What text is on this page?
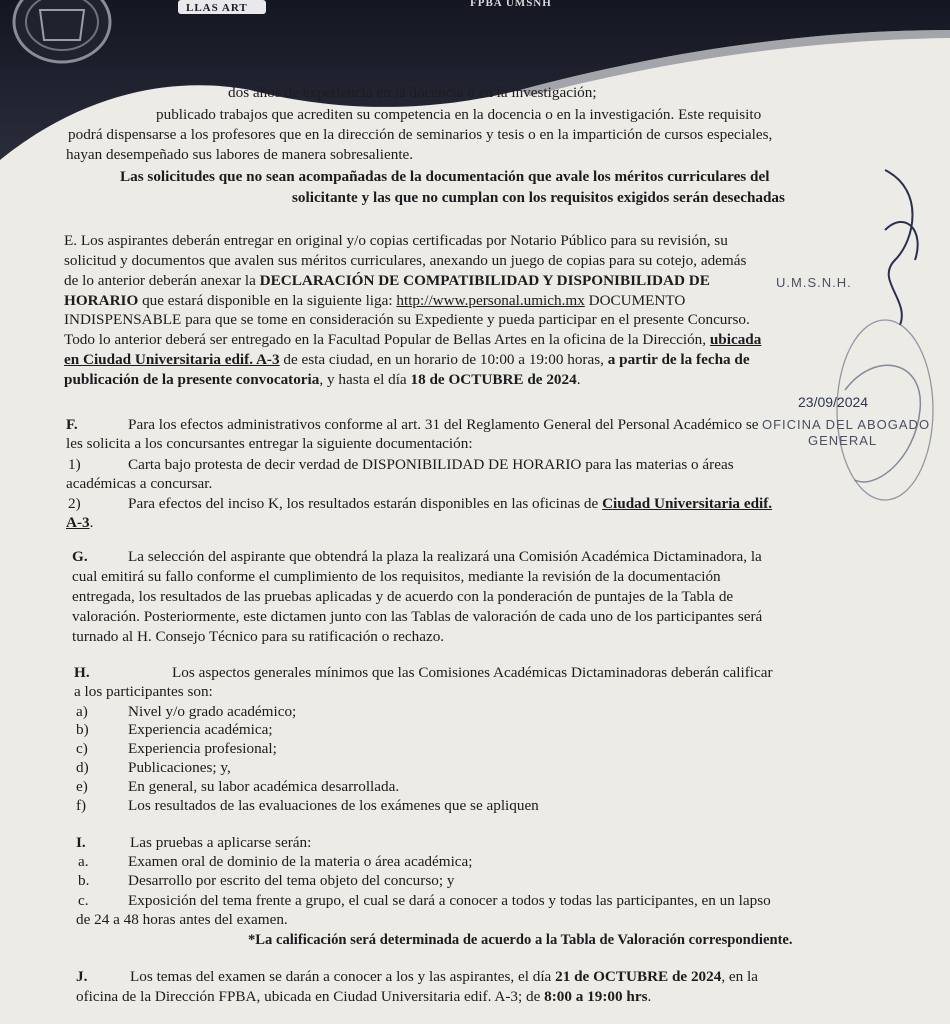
LLAS ART	FPBA UMSNH
dos años de experiencia en la docencia o en la investigación;
publicado trabajos que acrediten su competencia en la docencia o en la investigación. Este requisito
podrá dispensarse a los profesores que en la dirección de seminarios y tesis o en la impartición de cursos especiales,
hayan desempeñado sus labores de manera sobresaliente.
Las solicitudes que no sean acompañadas de la documentación que avale los méritos curriculares del
solicitante y las que no cumplan con los requisitos exigidos serán desechadas
E. Los aspirantes deberán entregar en original y/o copias certificadas por Notario Público para su revisión, su
solicitud y documentos que avalen sus méritos curriculares, anexando un juego de copias para su cotejo, además
de lo anterior deberán anexar la DECLARACIÓN DE COMPATIBILIDAD Y DISPONIBILIDAD DE
HORARIO que estará disponible en la siguiente liga: http://www.personal.umich.mx DOCUMENTO
INDISPENSABLE para que se tome en consideración su Expediente y pueda participar en el presente Concurso.
Todo lo anterior deberá ser entregado en la Facultad Popular de Bellas Artes en la oficina de la Dirección, ubicada
en Ciudad Universitaria edif. A-3 de esta ciudad, en un horario de 10:00 a 19:00 horas, a partir de la fecha de
publicación de la presente convocatoria, y hasta el día 18 de OCTUBRE de 2024.
F.	Para los efectos administrativos conforme al art. 31 del Reglamento General del Personal Académico se
les solicita a los concursantes entregar la siguiente documentación:
1)	Carta bajo protesta de decir verdad de DISPONIBILIDAD DE HORARIO para las materias o áreas
académicas a concursar.
2)	Para efectos del inciso K, los resultados estarán disponibles en las oficinas de Ciudad Universitaria edif.
A-3.
G.	La selección del aspirante que obtendrá la plaza la realizará una Comisión Académica Dictaminadora, la
cual emitirá su fallo conforme el cumplimiento de los requisitos, mediante la revisión de la documentación
entregada, los resultados de las pruebas aplicadas y de acuerdo con la ponderación de puntajes de la Tabla de
valoración. Posteriormente, este dictamen junto con las Tablas de valoración de cada uno de los participantes será
turnado al H. Consejo Técnico para su ratificación o rechazo.
H.	Los aspectos generales mínimos que las Comisiones Académicas Dictaminadoras deberán calificar
a los participantes son:
a)	Nivel y/o grado académico;
b)	Experiencia académica;
c)	Experiencia profesional;
d)	Publicaciones; y,
e)	En general, su labor académica desarrollada.
f)	Los resultados de las evaluaciones de los exámenes que se apliquen
I.	Las pruebas a aplicarse serán:
a.	Examen oral de dominio de la materia o área académica;
b.	Desarrollo por escrito del tema objeto del concurso; y
c.	Exposición del tema frente a grupo, el cual se dará a conocer a todos y todas las participantes, en un lapso
de 24 a 48 horas antes del examen.
*La calificación será determinada de acuerdo a la Tabla de Valoración correspondiente.
J.	Los temas del examen se darán a conocer a los y las aspirantes, el día 21 de OCTUBRE de 2024, en la
oficina de la Dirección FPBA, ubicada en Ciudad Universitaria edif. A-3; de 8:00 a 19:00 hrs.
U.M.S.N.H.
23/09/2024
OFICINA DEL ABOGADO
GENERAL
